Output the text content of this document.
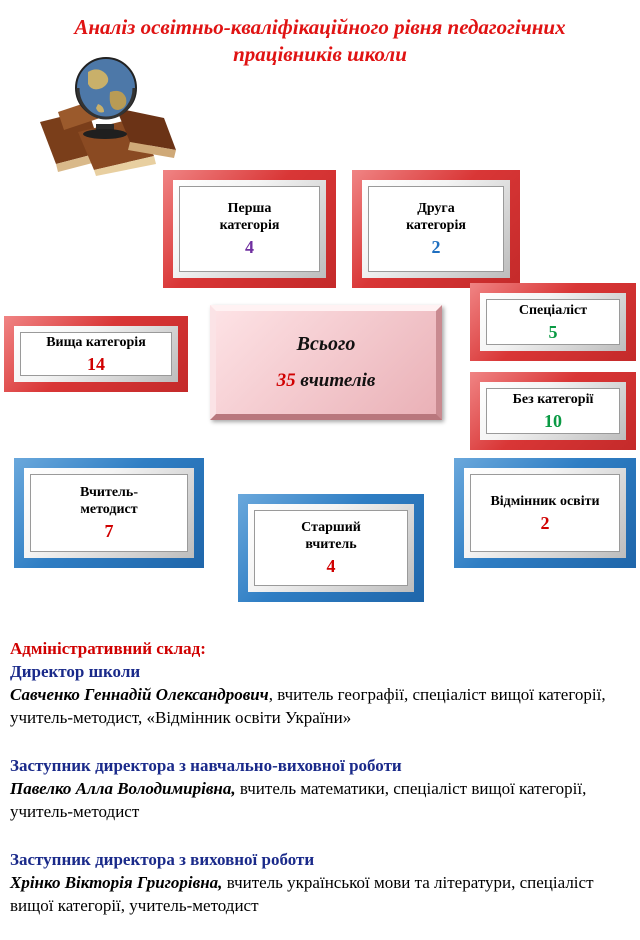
Аналіз освітньо-кваліфікаційного рівня педагогічних
працівників школи
Перша
категорія
4
Друга
категорія
2
Спеціаліст
5
Вища категорія
14
Всього
35 вчителів
Без категорії
10
Вчитель-
методист
7	Старший
вчитель
4
Відмінник освіти
2
Адміністративний склад:
Директор школи
Савченко Геннадій Олександрович, вчитель географії, спеціаліст вищої категорії, учитель-методист, «Відмінник освіти України»
Заступник директора з навчально-виховної роботи
Павелко Алла Володимирівна, вчитель математики, спеціаліст вищої категорії, учитель-методист
Заступник директора з виховної роботи
Хрінко Вікторія Григорівна, вчитель української мови та літератури, спеціаліст вищої категорії, учитель-методист
